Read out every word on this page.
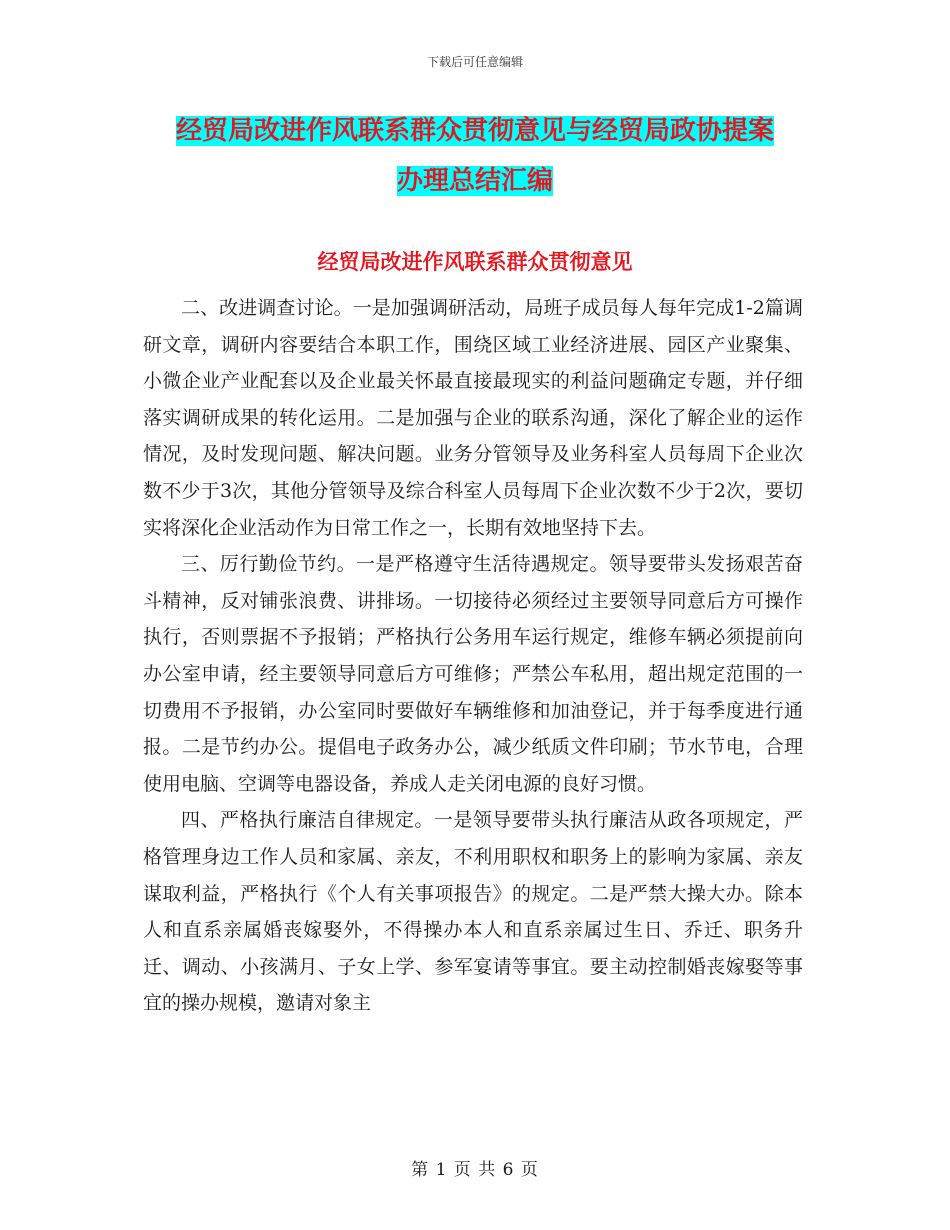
下载后可任意编辑
经贸局改进作风联系群众贯彻意见与经贸局政协提案
办理总结汇编
经贸局改进作风联系群众贯彻意见

二、改进调查讨论。一是加强调研活动，局班子成员每人每年完成1-2篇调研文章，调研内容要结合本职工作，围绕区域工业经济进展、园区产业聚集、小微企业产业配套以及企业最关怀最直接最现实的利益问题确定专题，并仔细落实调研成果的转化运用。二是加强与企业的联系沟通，深化了解企业的运作情况，及时发现问题、解决问题。业务分管领导及业务科室人员每周下企业次数不少于3次，其他分管领导及综合科室人员每周下企业次数不少于2次，要切实将深化企业活动作为日常工作之一，长期有效地坚持下去。

三、厉行勤俭节约。一是严格遵守生活待遇规定。领导要带头发扬艰苦奋斗精神，反对铺张浪费、讲排场。一切接待必须经过主要领导同意后方可操作执行，否则票据不予报销；严格执行公务用车运行规定，维修车辆必须提前向办公室申请，经主要领导同意后方可维修；严禁公车私用，超出规定范围的一切费用不予报销，办公室同时要做好车辆维修和加油登记，并于每季度进行通报。二是节约办公。提倡电子政务办公，减少纸质文件印刷；节水节电，合理使用电脑、空调等电器设备，养成人走关闭电源的良好习惯。

四、严格执行廉洁自律规定。一是领导要带头执行廉洁从政各项规定，严格管理身边工作人员和家属、亲友，不利用职权和职务上的影响为家属、亲友谋取利益，严格执行《个人有关事项报告》的规定。二是严禁大操大办。除本人和直系亲属婚丧嫁娶外，不得操办本人和直系亲属过生日、乔迁、职务升迁、调动、小孩满月、子女上学、参军宴请等事宜。要主动控制婚丧嫁娶等事宜的操办规模，邀请对象主

第 1 页 共 6 页
